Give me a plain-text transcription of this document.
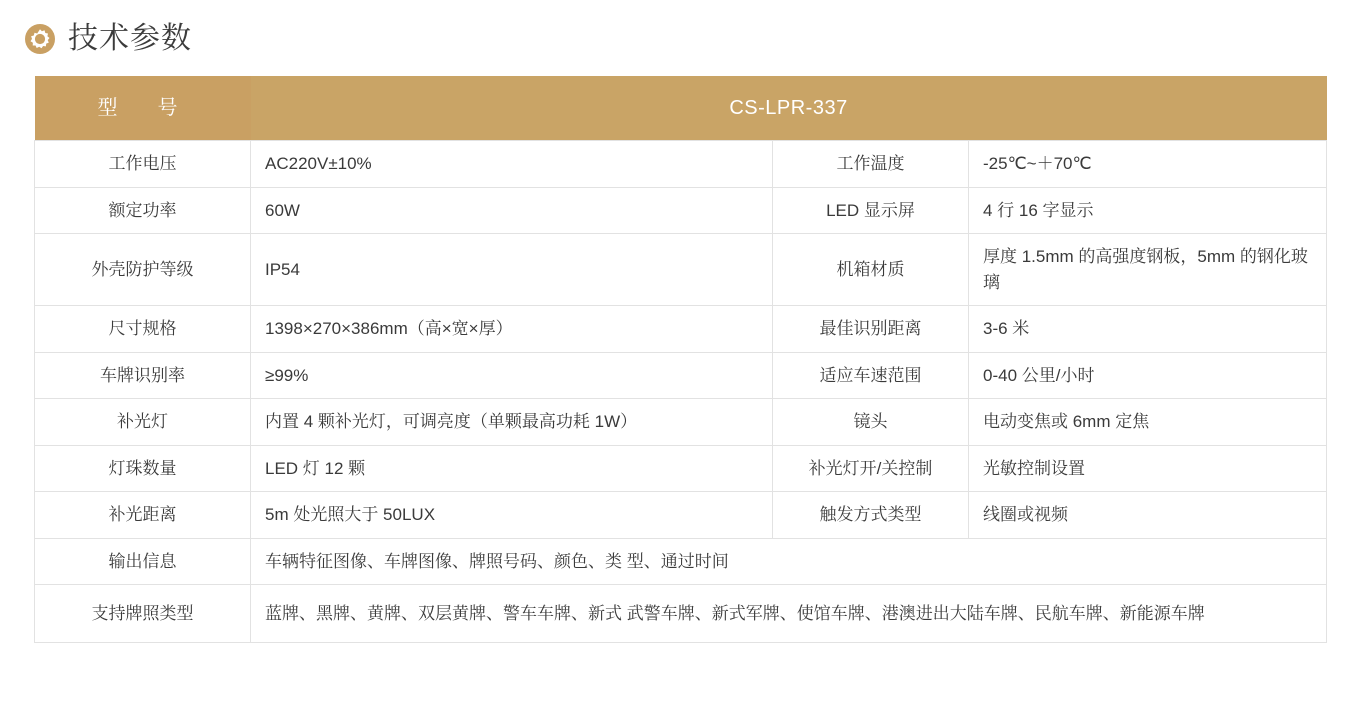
技术参数
型　号	CS-LPR-337		
工作电压	AC220V±10%	工作温度	-25℃~＋70℃
额定功率	60W	LED 显示屏	4 行 16 字显示
外壳防护等级	IP54	机箱材质	厚度 1.5mm 的高强度钢板，5mm 的钢化玻璃
尺寸规格	1398×270×386mm（高×宽×厚）	最佳识别距离	3-6 米
车牌识别率	≥99%	适应车速范围	0-40 公里/小时
补光灯	内置 4 颗补光灯，可调亮度（单颗最高功耗 1W）	镜头	电动变焦或 6mm 定焦
灯珠数量	LED 灯 12 颗	补光灯开/关控制	光敏控制设置
补光距离	5m 处光照大于 50LUX	触发方式类型	线圈或视频
输出信息	车辆特征图像、车牌图像、牌照号码、颜色、类 型、通过时间		
支持牌照类型	蓝牌、黑牌、黄牌、双层黄牌、警车车牌、新式 武警车牌、新式军牌、使馆车牌、港澳进出大陆车牌、民航车牌、新能源车牌		
